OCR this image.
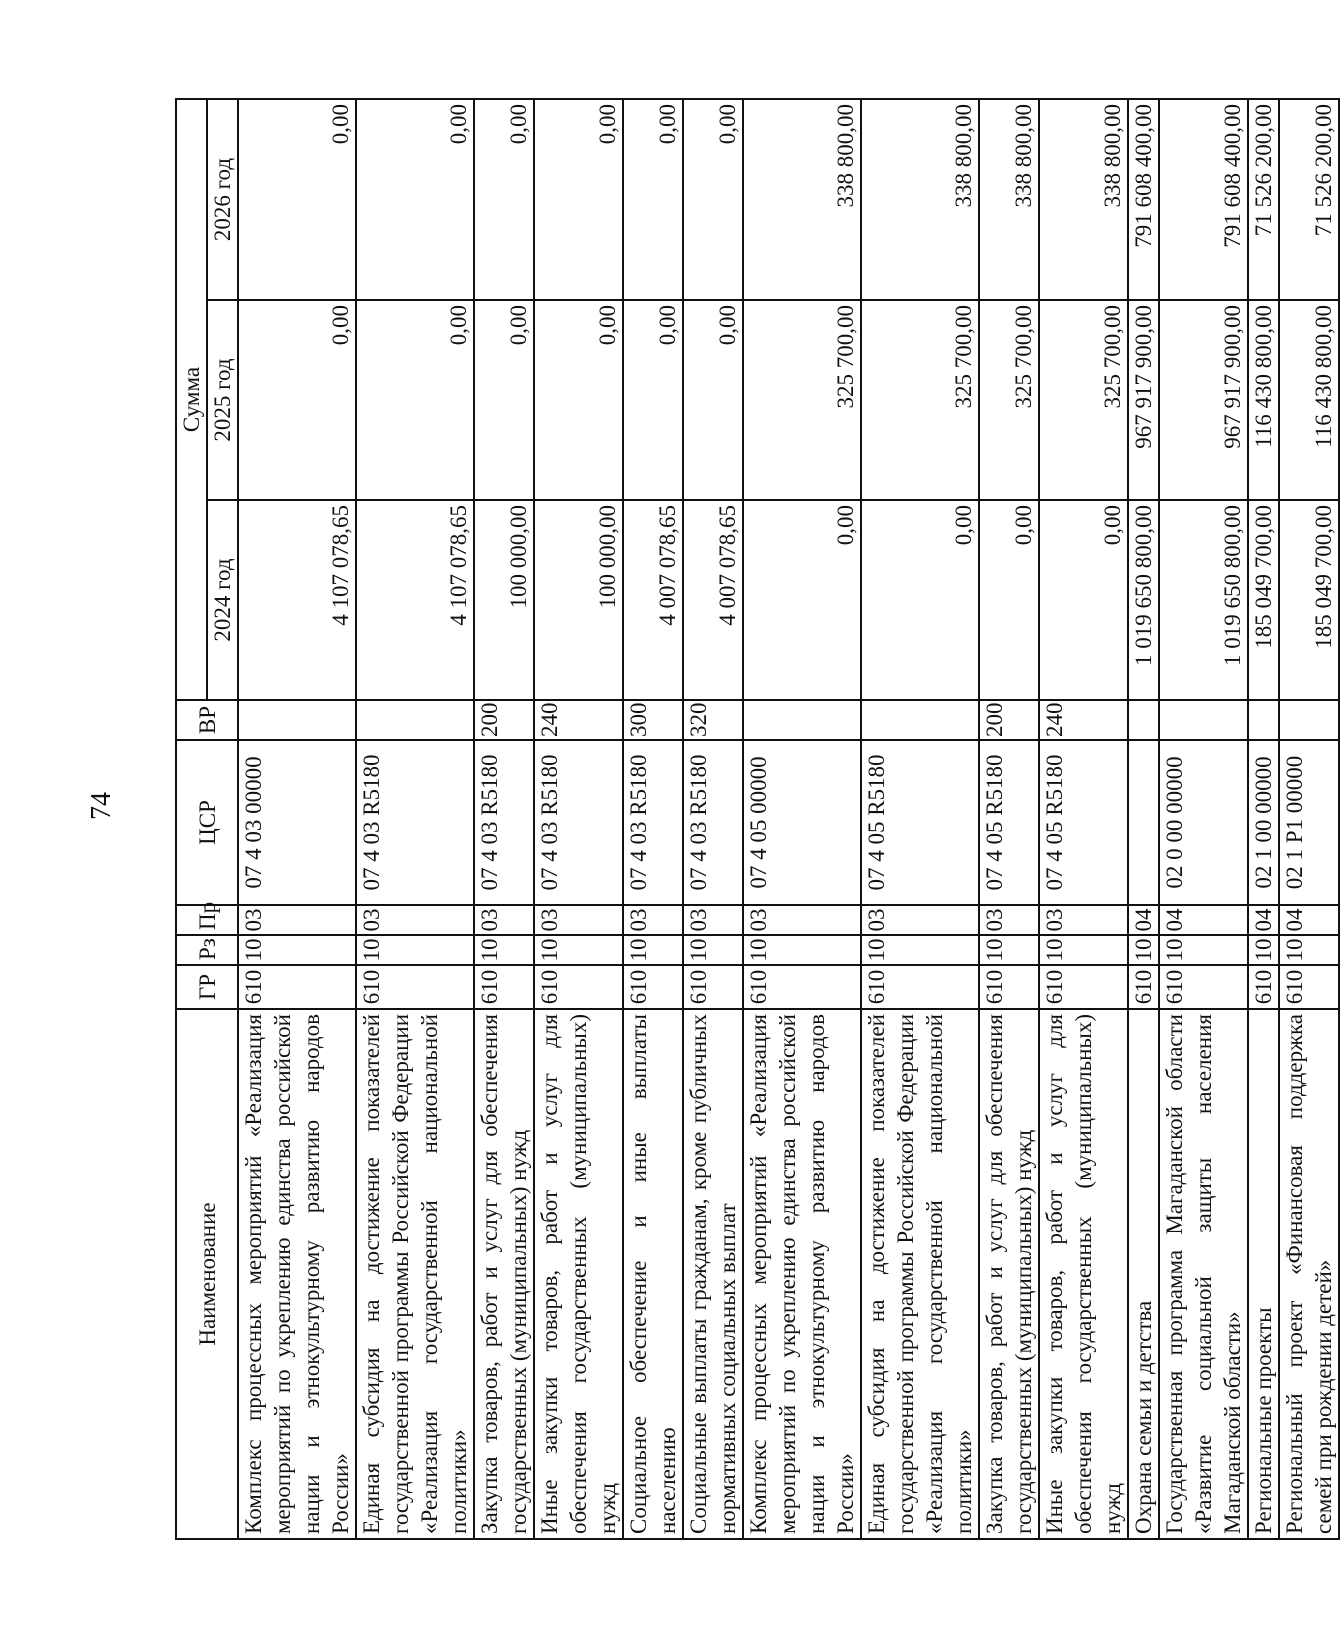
74
Наименование	ГР	Рз	Пр	ЦСР	ВР	Сумма		
						2024 год	2025 год	2026 год
Комплекс процессных мероприятий «Реализация мероприятий по укреплению единства российской нации и этнокультурному развитию народов России»	610	10	03	07 4 03 00000		4 107 078,65	0,00	0,00
Единая субсидия на достижение показателей государственной программы Российской Федерации «Реализация государственной национальной политики»	610	10	03	07 4 03 R5180		4 107 078,65	0,00	0,00
Закупка товаров, работ и услуг для обеспечения государственных (муниципальных) нужд	610	10	03	07 4 03 R5180	200	100 000,00	0,00	0,00
Иные закупки товаров, работ и услуг для обеспечения государственных (муниципальных) нужд	610	10	03	07 4 03 R5180	240	100 000,00	0,00	0,00
Социальное обеспечение и иные выплаты населению	610	10	03	07 4 03 R5180	300	4 007 078,65	0,00	0,00
Социальные выплаты гражданам, кроме публичных нормативных социальных выплат	610	10	03	07 4 03 R5180	320	4 007 078,65	0,00	0,00
Комплекс процессных мероприятий «Реализация мероприятий по укреплению единства российской нации и этнокультурному развитию народов России»	610	10	03	07 4 05 00000		0,00	325 700,00	338 800,00
Единая субсидия на достижение показателей государственной программы Российской Федерации «Реализация государственной национальной политики»	610	10	03	07 4 05 R5180		0,00	325 700,00	338 800,00
Закупка товаров, работ и услуг для обеспечения государственных (муниципальных) нужд	610	10	03	07 4 05 R5180	200	0,00	325 700,00	338 800,00
Иные закупки товаров, работ и услуг для обеспечения государственных (муниципальных) нужд	610	10	03	07 4 05 R5180	240	0,00	325 700,00	338 800,00
Охрана семьи и детства	610	10	04			1 019 650 800,00	967 917 900,00	791 608 400,00
Государственная программа Магаданской области «Развитие социальной защиты населения Магаданской области»	610	10	04	02 0 00 00000		1 019 650 800,00	967 917 900,00	791 608 400,00
Региональные проекты	610	10	04	02 1 00 00000		185 049 700,00	116 430 800,00	71 526 200,00
Региональный проект «Финансовая поддержка семей при рождении детей»	610	10	04	02 1 P1 00000		185 049 700,00	116 430 800,00	71 526 200,00
